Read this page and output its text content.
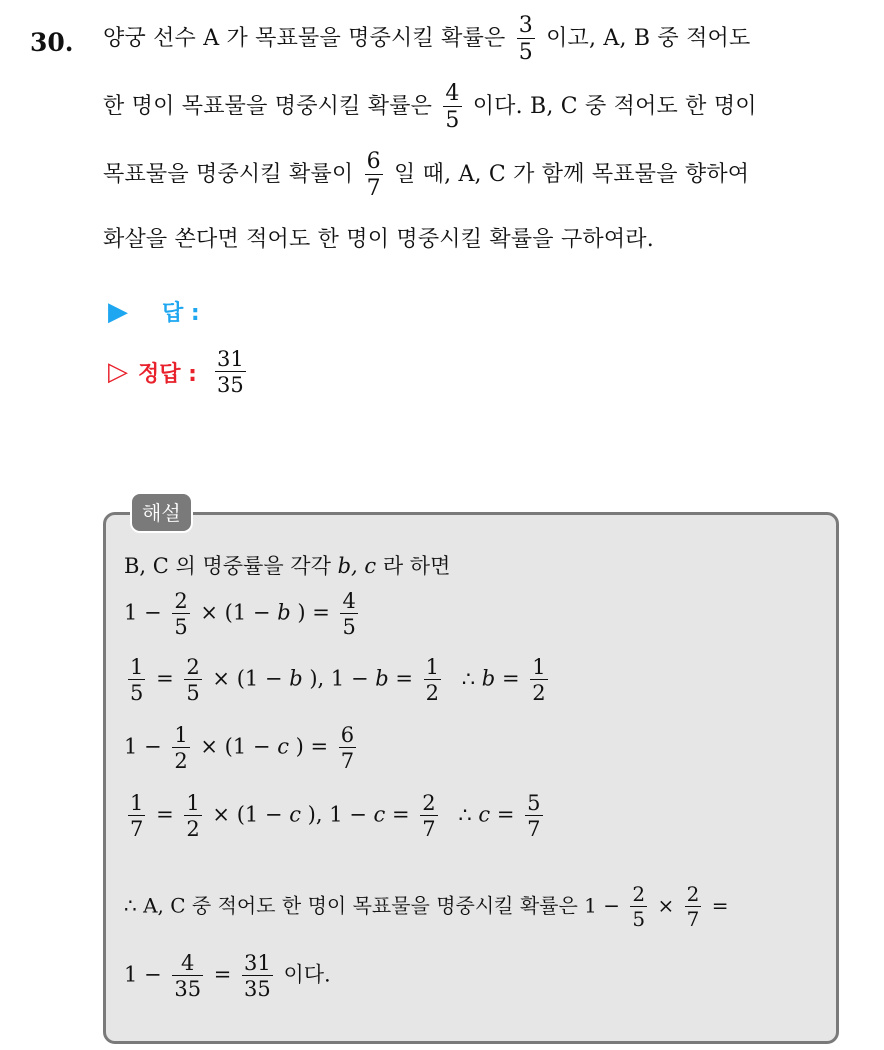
30. 양궁 선수 A 가 목표물을 명중시킬 확률은 $\frac{3}{5}$ 이고, A, B 중 적어도
한 명이 목표물을 명중시킬 확률은 $\frac{4}{5}$ 이다. B, C 중 적어도 한 명이
목표물을 명중시킬 확률이 $\frac{6}{7}$ 일 때, A, C 가 함께 목표물을 향하여
화살을 쏜다면 적어도 한 명이 명중시킬 확률을 구하여라.
▶ 답 :
▷ 정답 : $\frac{31}{35}$
해설
B, C 의 명중률을 각각 b, c 라 하면
$1 - \frac{2}{5} \times (1 - b$ ) = $\frac{4}{5}$
$\frac{1}{5} = \frac{2}{5} \times (1 - b$ ), $1 - b = \frac{1}{2}$ ∴ $b = \frac{1}{2}$
$1 - \frac{1}{2} \times (1 - c$ ) = $\frac{6}{7}$
$\frac{1}{7} = \frac{1}{2} \times (1 - c$ ), $1 - c = \frac{2}{7}$ ∴ $c = \frac{5}{7}$
∴ A, C 중 적어도 한 명이 목표물을 명중시킬 확률은 $1 - \frac{2}{5} \times \frac{2}{7}$ =
$1 - \frac{4}{35} = \frac{31}{35}$ 이다.
